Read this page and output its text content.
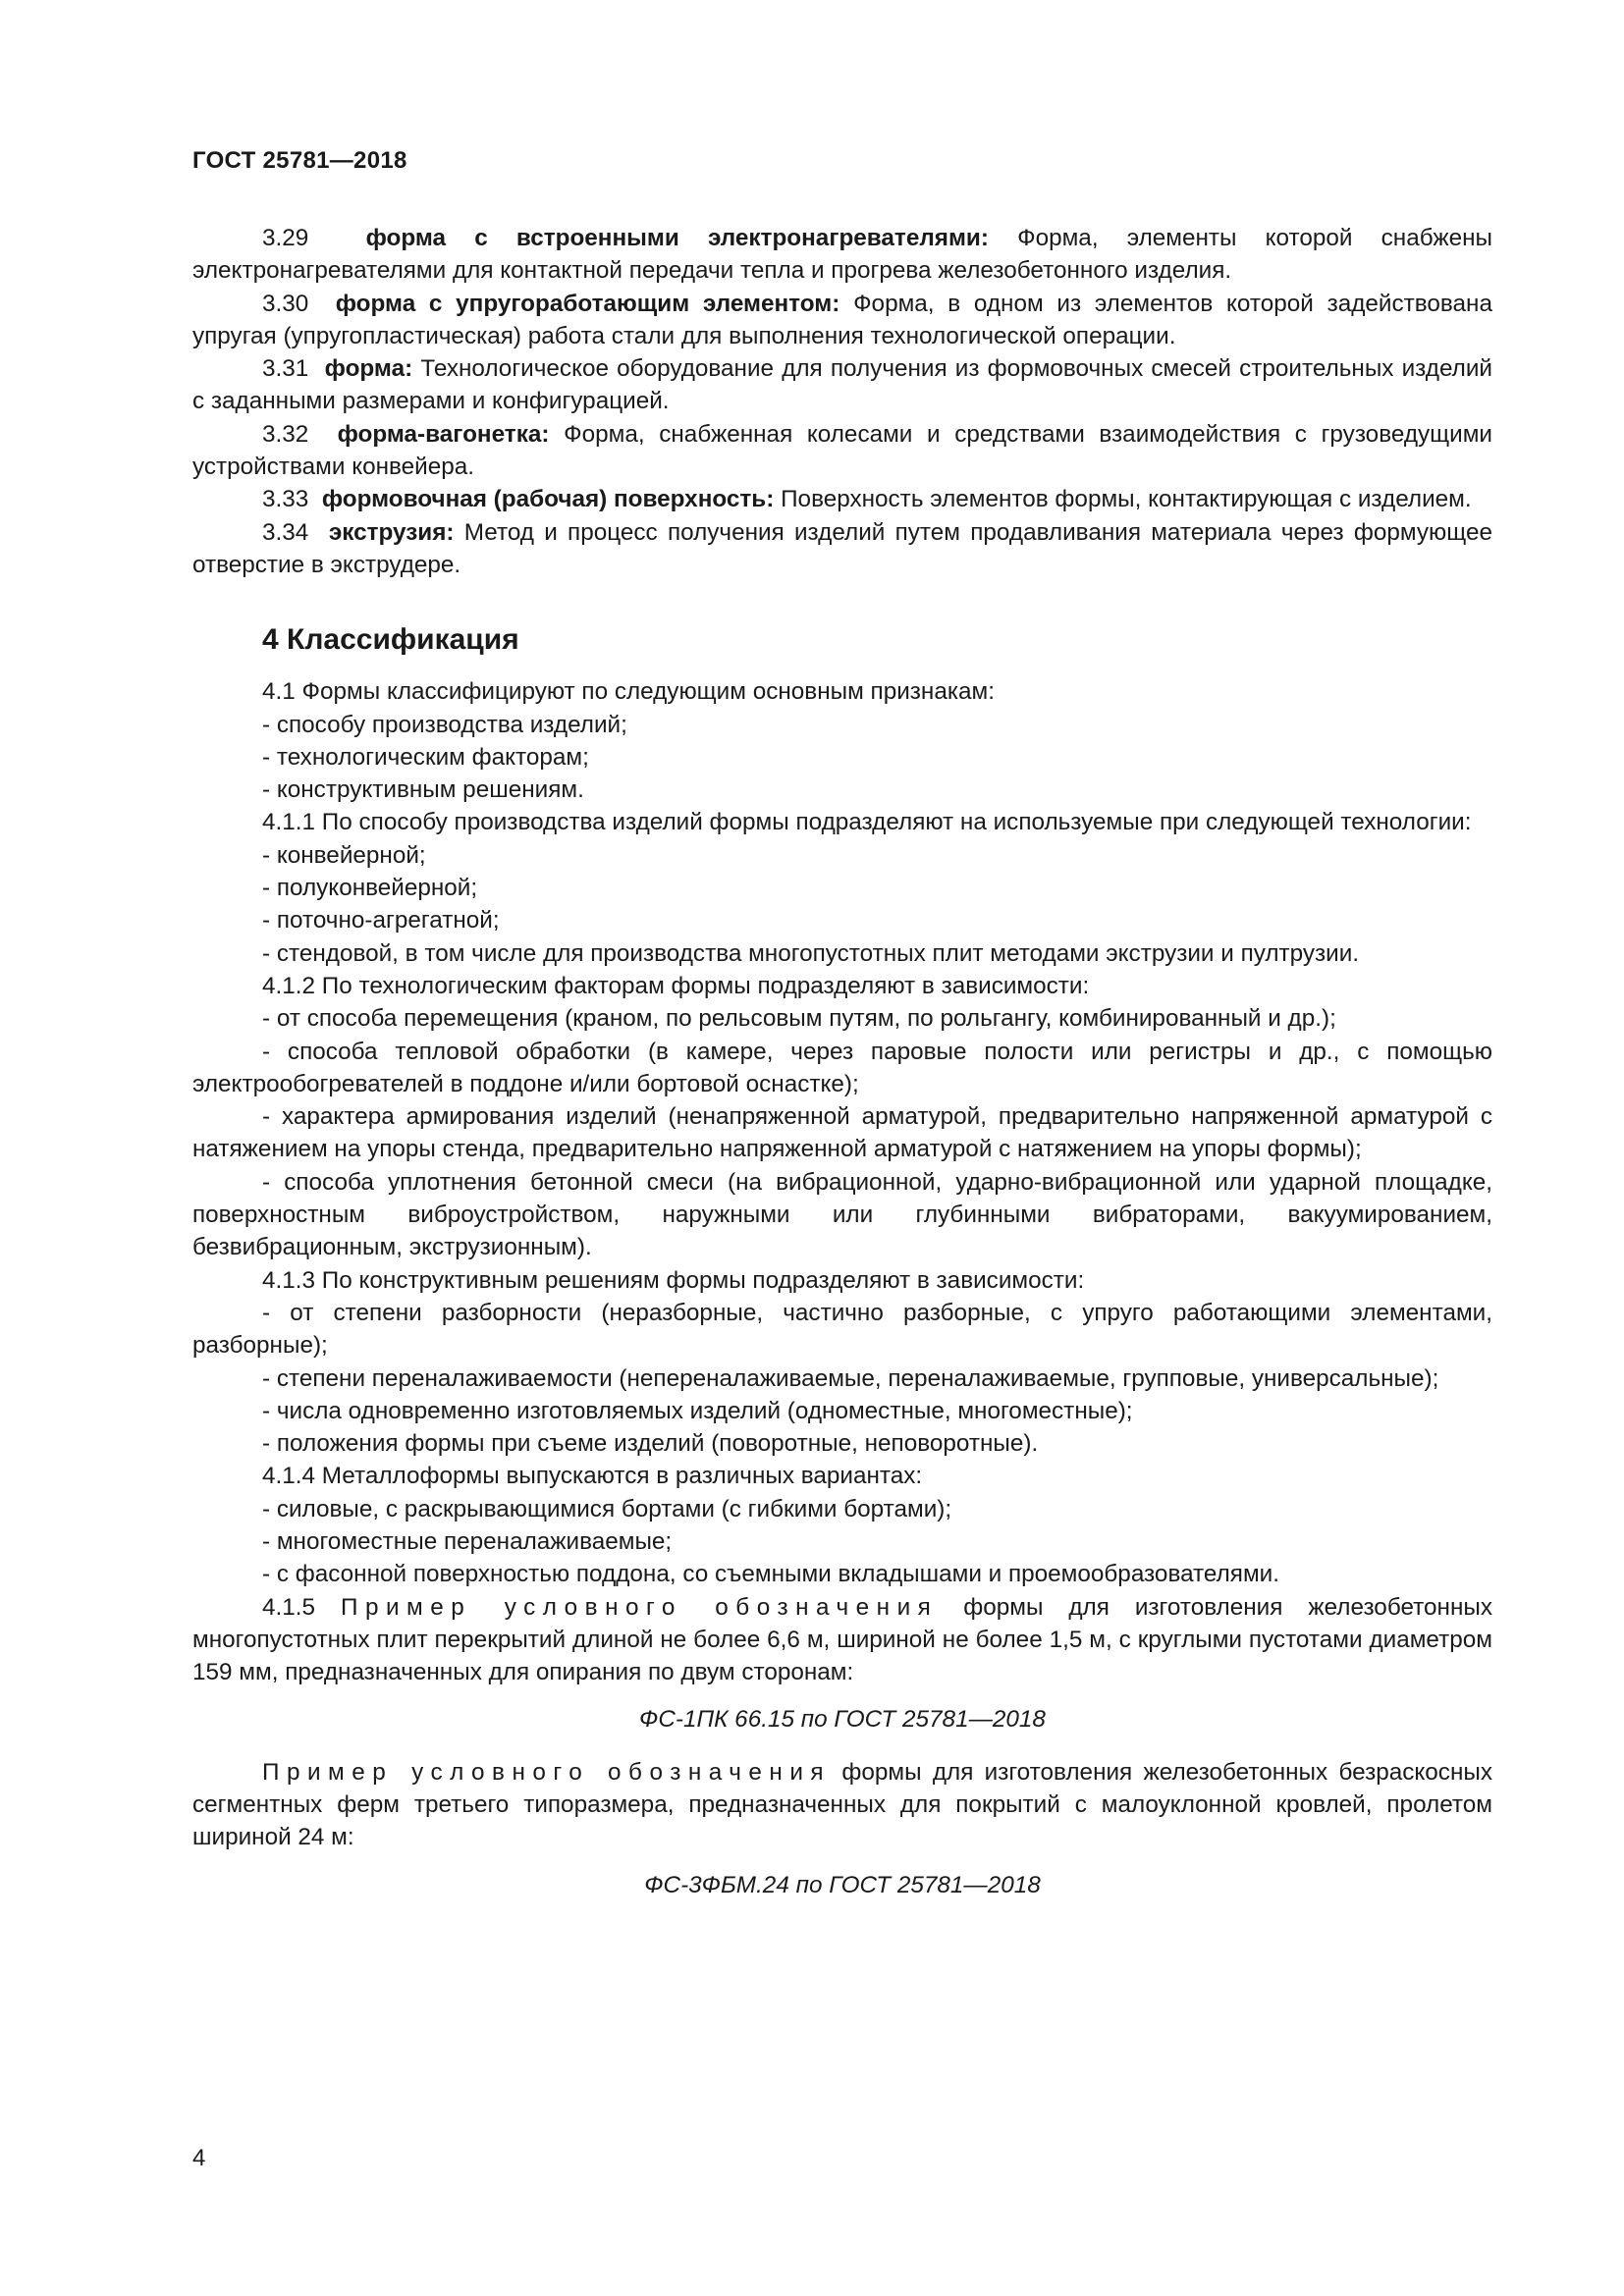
ГОСТ 25781—2018

3.29 форма с встроенными электронагревателями: Форма, элементы которой снабжены электронагревателями для контактной передачи тепла и прогрева железобетонного изделия.

3.30 форма с упругоработающим элементом: Форма, в одном из элементов которой задействована упругая (упругопластическая) работа стали для выполнения технологической операции.

3.31 форма: Технологическое оборудование для получения из формовочных смесей строительных изделий с заданными размерами и конфигурацией.

3.32 форма-вагонетка: Форма, снабженная колесами и средствами взаимодействия с грузоведущими устройствами конвейера.

3.33 формовочная (рабочая) поверхность: Поверхность элементов формы, контактирующая с изделием.

3.34 экструзия: Метод и процесс получения изделий путем продавливания материала через формующее отверстие в экструдере.

4 Классификация

4.1 Формы классифицируют по следующим основным признакам:

- способу производства изделий;

- технологическим факторам;

- конструктивным решениям.

4.1.1 По способу производства изделий формы подразделяют на используемые при следующей технологии:

- конвейерной;

- полуконвейерной;

- поточно-агрегатной;

- стендовой, в том числе для производства многопустотных плит методами экструзии и пултрузии.

4.1.2 По технологическим факторам формы подразделяют в зависимости:

- от способа перемещения (краном, по рельсовым путям, по рольгангу, комбинированный и др.);

- способа тепловой обработки (в камере, через паровые полости или регистры и др., с помощью электрообогревателей в поддоне и/или бортовой оснастке);

- характера армирования изделий (ненапряженной арматурой, предварительно напряженной арматурой с натяжением на упоры стенда, предварительно напряженной арматурой с натяжением на упоры формы);

- способа уплотнения бетонной смеси (на вибрационной, ударно-вибрационной или ударной площадке, поверхностным виброустройством, наружными или глубинными вибраторами, вакуумированием, безвибрационным, экструзионным).

4.1.3 По конструктивным решениям формы подразделяют в зависимости:

- от степени разборности (неразборные, частично разборные, с упруго работающими элементами, разборные);

- степени переналаживаемости (непереналаживаемые, переналаживаемые, групповые, универсальные);

- числа одновременно изготовляемых изделий (одноместные, многоместные);

- положения формы при съеме изделий (поворотные, неповоротные).

4.1.4 Металлоформы выпускаются в различных вариантах:

- силовые, с раскрывающимися бортами (с гибкими бортами);

- многоместные переналаживаемые;

- с фасонной поверхностью поддона, со съемными вкладышами и проемообразователями.

4.1.5 Пример условного обозначения формы для изготовления железобетонных многопустотных плит перекрытий длиной не более 6,6 м, шириной не более 1,5 м, с круглыми пустотами диаметром 159 мм, предназначенных для опирания по двум сторонам:

ФС-1ПК 66.15 по ГОСТ 25781—2018

Пример условного обозначения формы для изготовления железобетонных безраскосных сегментных ферм третьего типоразмера, предназначенных для покрытий с малоуклонной кровлей, пролетом шириной 24 м:

ФС-3ФБМ.24 по ГОСТ 25781—2018

4
